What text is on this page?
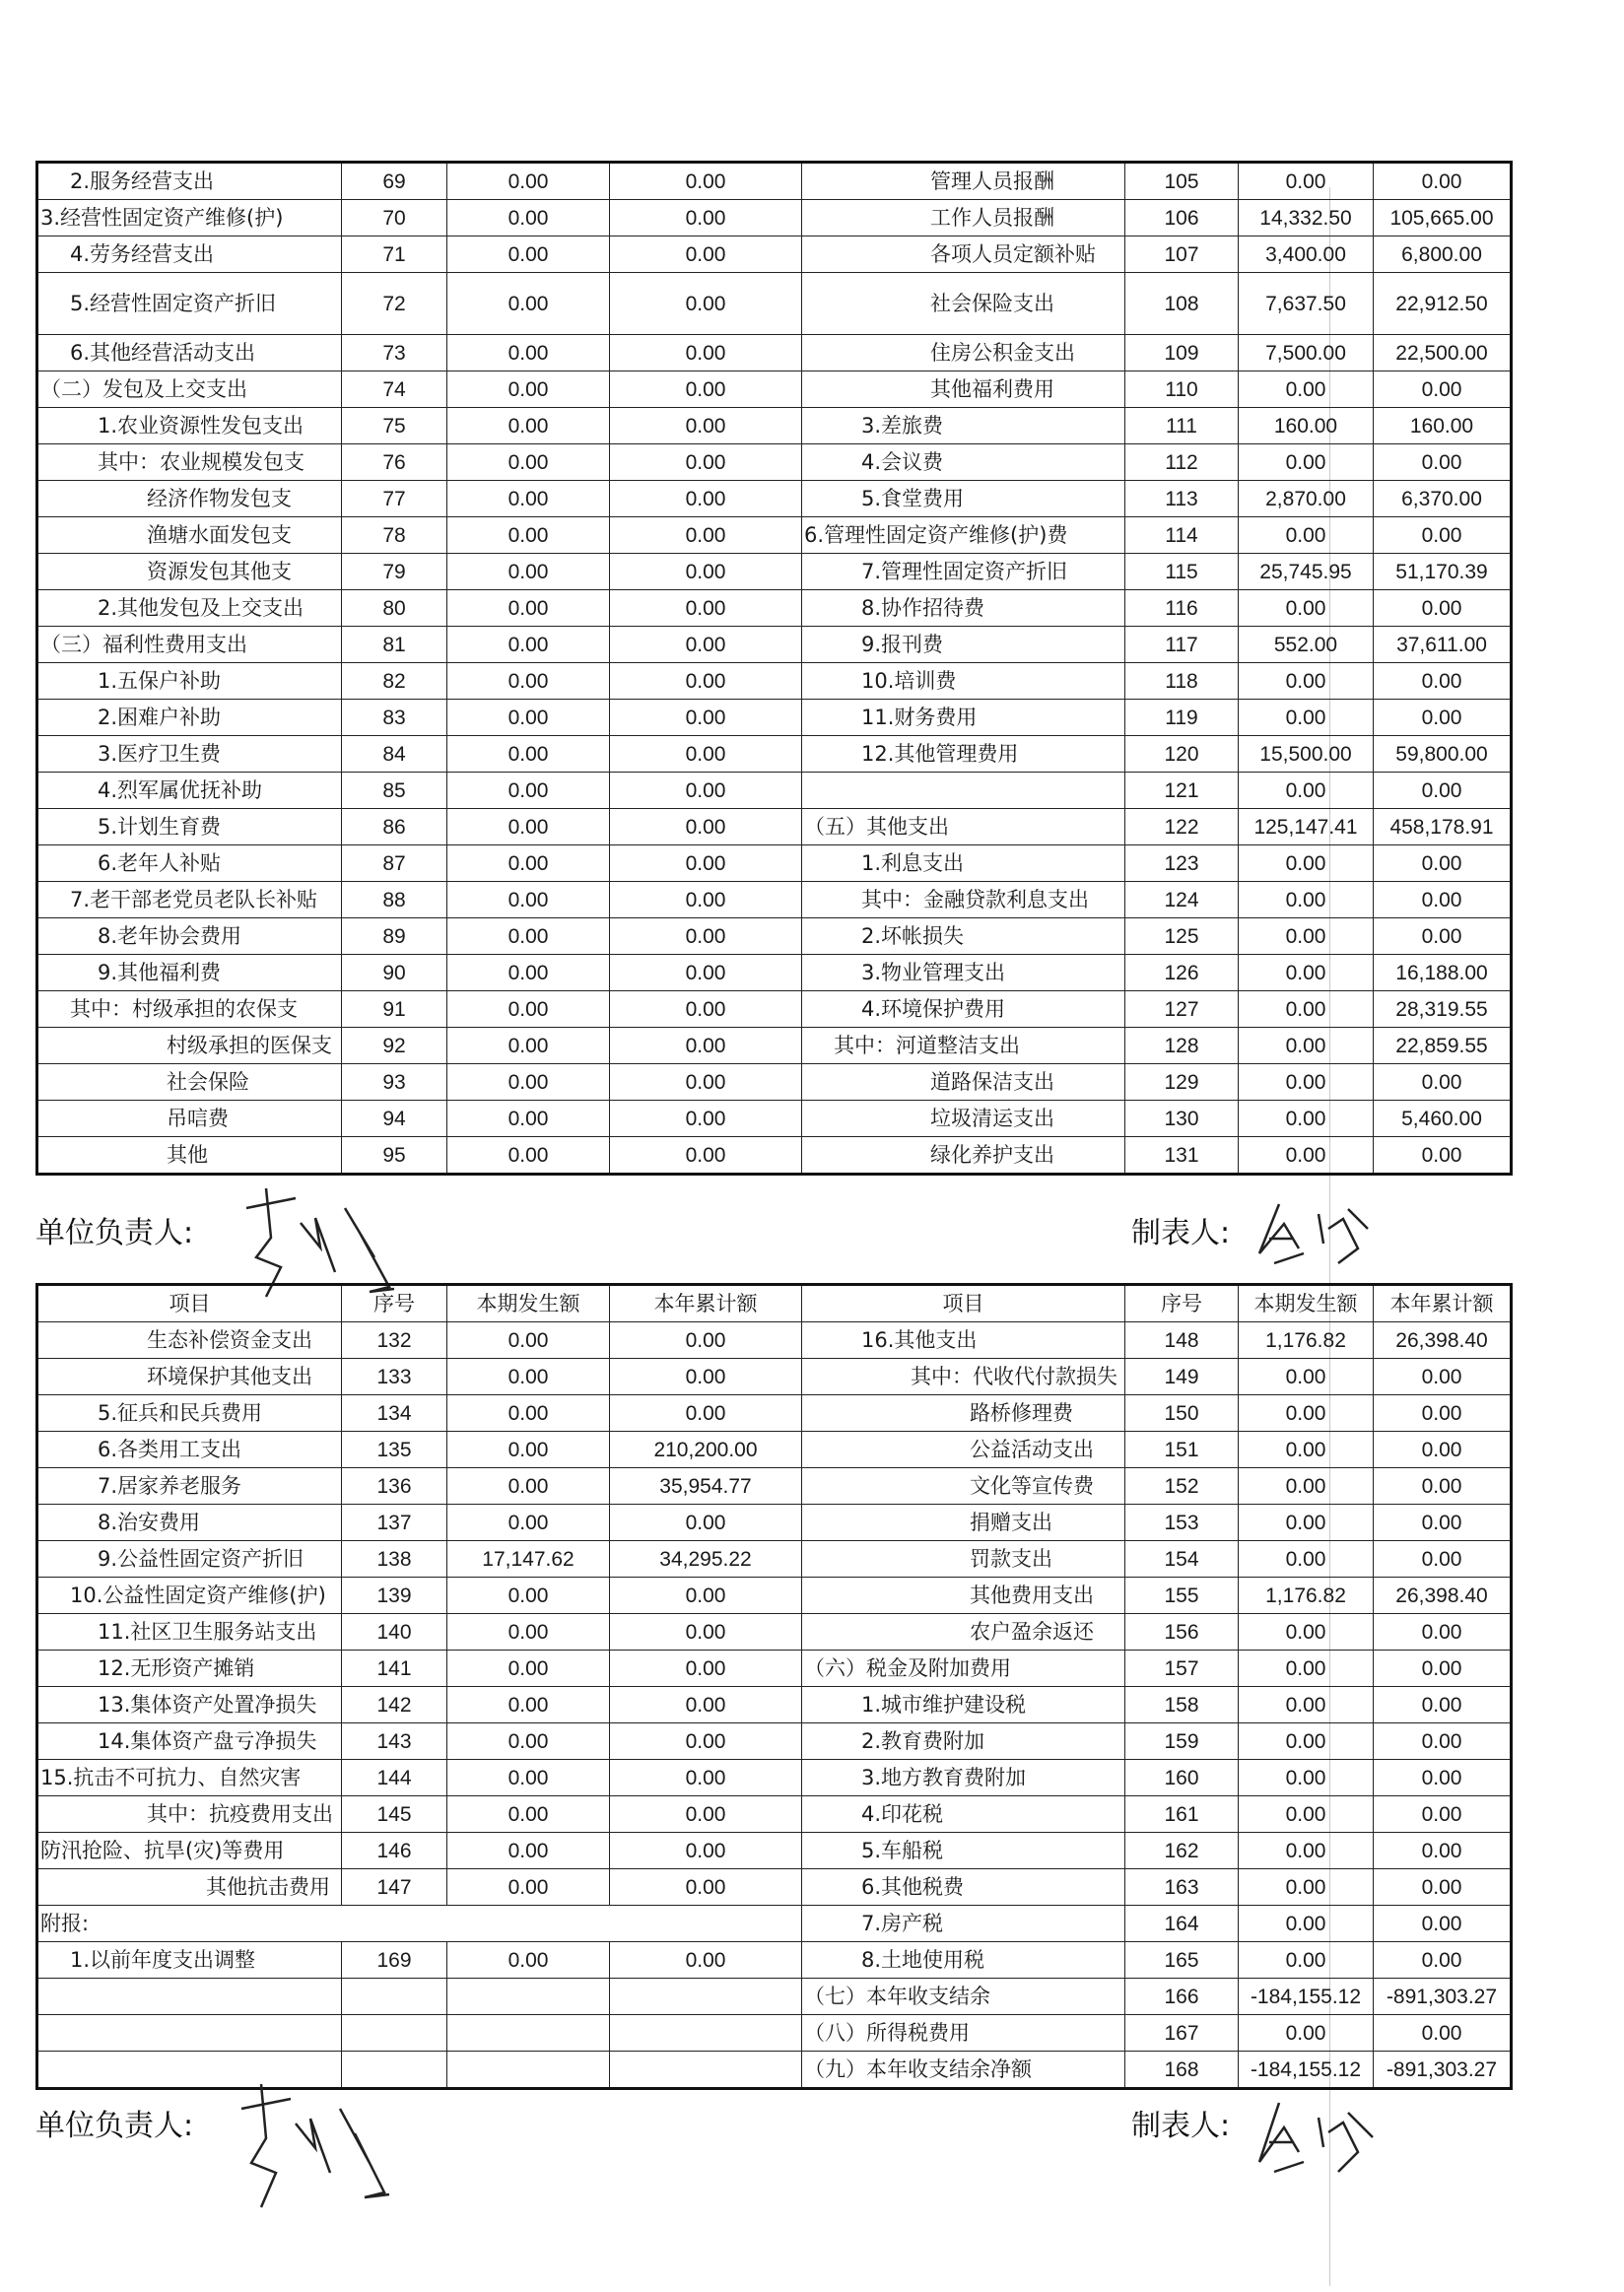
2.服务经营支出	69	0.00	0.00	管理人员报酬	105	0.00	0.00
3.经营性固定资产维修(护)	70	0.00	0.00	工作人员报酬	106	14,332.50	105,665.00
4.劳务经营支出	71	0.00	0.00	各项人员定额补贴	107	3,400.00	6,800.00
5.经营性固定资产折旧	72	0.00	0.00	社会保险支出	108	7,637.50	22,912.50
6.其他经营活动支出	73	0.00	0.00	住房公积金支出	109	7,500.00	22,500.00
（二）发包及上交支出	74	0.00	0.00	其他福利费用	110	0.00	0.00
1.农业资源性发包支出	75	0.00	0.00	3.差旅费	111	160.00	160.00
其中：农业规模发包支	76	0.00	0.00	4.会议费	112	0.00	0.00
经济作物发包支	77	0.00	0.00	5.食堂费用	113	2,870.00	6,370.00
渔塘水面发包支	78	0.00	0.00	6.管理性固定资产维修(护)费	114	0.00	0.00
资源发包其他支	79	0.00	0.00	7.管理性固定资产折旧	115	25,745.95	51,170.39
2.其他发包及上交支出	80	0.00	0.00	8.协作招待费	116	0.00	0.00
（三）福利性费用支出	81	0.00	0.00	9.报刊费	117	552.00	37,611.00
1.五保户补助	82	0.00	0.00	10.培训费	118	0.00	0.00
2.困难户补助	83	0.00	0.00	11.财务费用	119	0.00	0.00
3.医疗卫生费	84	0.00	0.00	12.其他管理费用	120	15,500.00	59,800.00
4.烈军属优抚补助	85	0.00	0.00		121	0.00	0.00
5.计划生育费	86	0.00	0.00	（五）其他支出	122	125,147.41	458,178.91
6.老年人补贴	87	0.00	0.00	1.利息支出	123	0.00	0.00
7.老干部老党员老队长补贴	88	0.00	0.00	其中：金融贷款利息支出	124	0.00	0.00
8.老年协会费用	89	0.00	0.00	2.坏帐损失	125	0.00	0.00
9.其他福利费	90	0.00	0.00	3.物业管理支出	126	0.00	16,188.00
其中：村级承担的农保支	91	0.00	0.00	4.环境保护费用	127	0.00	28,319.55
村级承担的医保支	92	0.00	0.00	其中：河道整洁支出	128	0.00	22,859.55
社会保险	93	0.00	0.00	道路保洁支出	129	0.00	0.00
吊唁费	94	0.00	0.00	垃圾清运支出	130	0.00	5,460.00
其他	95	0.00	0.00	绿化养护支出	131	0.00	0.00
单位负责人:	制表人:
项目	序号	本期发生额	本年累计额	项目	序号	本期发生额	本年累计额
生态补偿资金支出	132	0.00	0.00	16.其他支出	148	1,176.82	26,398.40
环境保护其他支出	133	0.00	0.00	其中：代收代付款损失	149	0.00	0.00
5.征兵和民兵费用	134	0.00	0.00	路桥修理费	150	0.00	0.00
6.各类用工支出	135	0.00	210,200.00	公益活动支出	151	0.00	0.00
7.居家养老服务	136	0.00	35,954.77	文化等宣传费	152	0.00	0.00
8.治安费用	137	0.00	0.00	捐赠支出	153	0.00	0.00
9.公益性固定资产折旧	138	17,147.62	34,295.22	罚款支出	154	0.00	0.00
10.公益性固定资产维修(护)	139	0.00	0.00	其他费用支出	155	1,176.82	26,398.40
11.社区卫生服务站支出	140	0.00	0.00	农户盈余返还	156	0.00	0.00
12.无形资产摊销	141	0.00	0.00	（六）税金及附加费用	157	0.00	0.00
13.集体资产处置净损失	142	0.00	0.00	1.城市维护建设税	158	0.00	0.00
14.集体资产盘亏净损失	143	0.00	0.00	2.教育费附加	159	0.00	0.00
15.抗击不可抗力、自然灾害	144	0.00	0.00	3.地方教育费附加	160	0.00	0.00
其中：抗疫费用支出	145	0.00	0.00	4.印花税	161	0.00	0.00
防汛抢险、抗旱(灾)等费用	146	0.00	0.00	5.车船税	162	0.00	0.00
其他抗击费用	147	0.00	0.00	6.其他税费	163	0.00	0.00
附报:				7.房产税	164	0.00	0.00
1.以前年度支出调整	169	0.00	0.00	8.土地使用税	165	0.00	0.00
				（七）本年收支结余	166	-184,155.12	-891,303.27
				（八）所得税费用	167	0.00	0.00
				（九）本年收支结余净额	168	-184,155.12	-891,303.27
单位负责人:	制表人:
